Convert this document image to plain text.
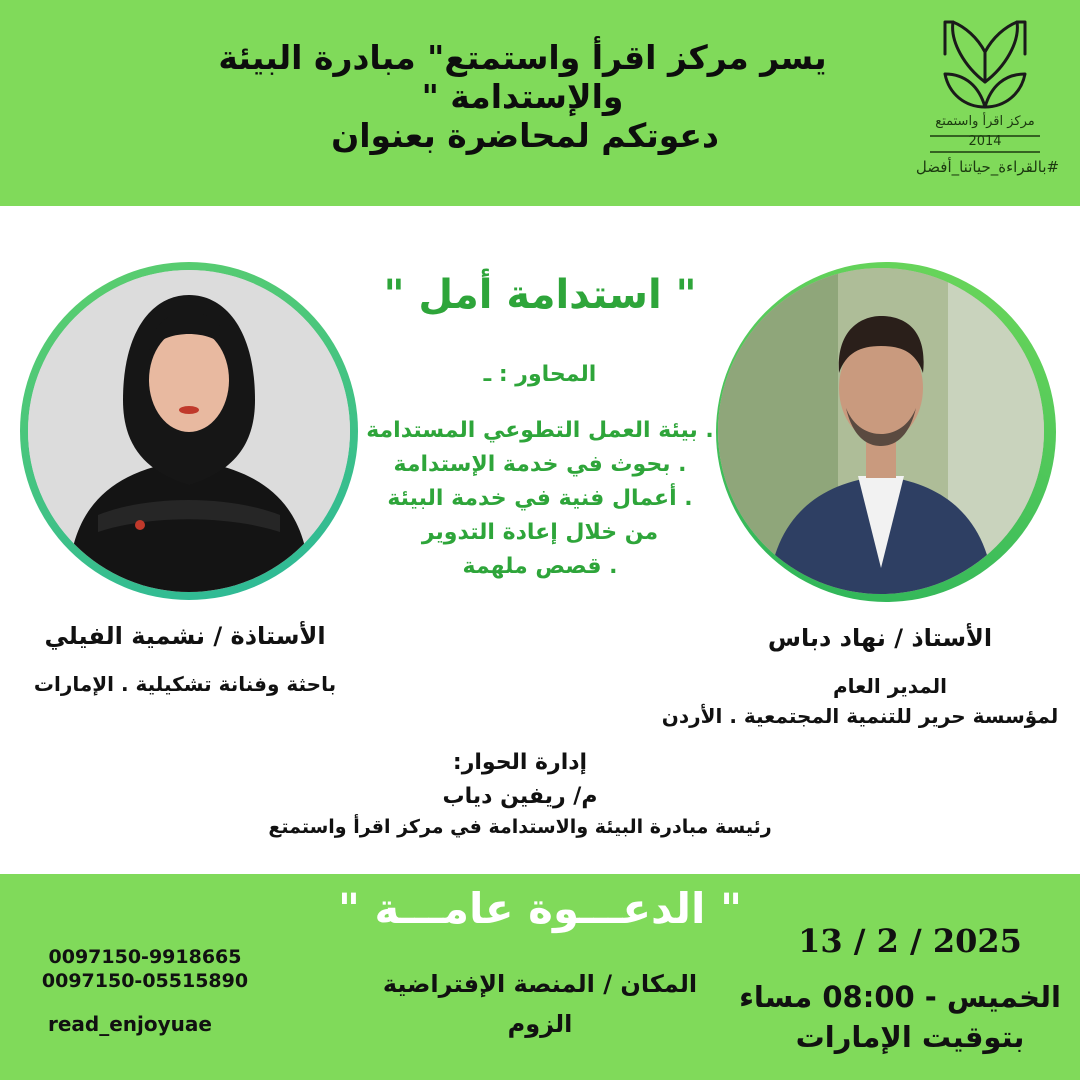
يسر مركز اقرأ واستمتع" مبادرة البيئة والإستدامة "
دعوتكم لمحاضرة بعنوان	مركز اقرأ واستمتع
2014
#بالقراءة_حياتنا_أفضل
" استدامة أمل "
المحاور : ـ
. بيئة العمل التطوعي المستدامة
. بحوث في خدمة الإستدامة
. أعمال فنية في خدمة البيئة
من خلال إعادة التدوير
. قصص ملهمة
الأستاذة / نشمية الفيلي
باحثة وفنانة تشكيلية . الإمارات
الأستاذ / نهاد دباس
المدير العام
لمؤسسة حرير للتنمية المجتمعية . الأردن
إدارة الحوار:
م/ ريفين دياب
رئيسة مبادرة البيئة والاستدامة في مركز اقرأ واستمتع
" الدعـــوة عامـــة "
13 / 2 / 2025
الخميس - 08:00 مساء
بتوقيت الإمارات
المكان / المنصة الإفتراضية
الزوم
0097150-9918665
0097150-05515890
read_enjoyuae
